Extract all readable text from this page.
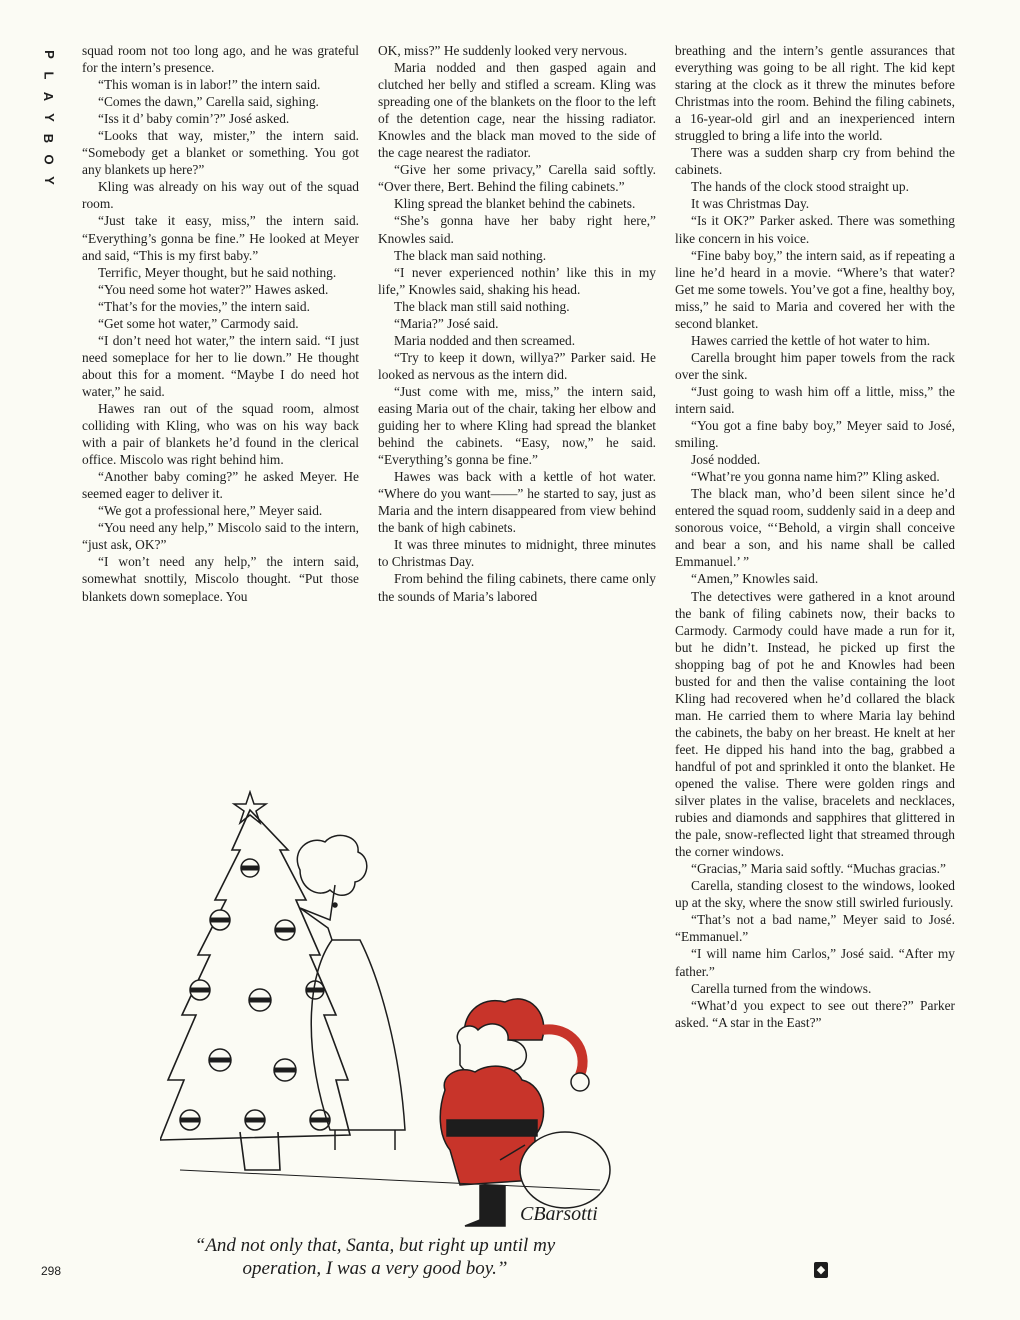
P
L
A
Y
B
O
Y

squad room not too long ago, and he was grateful for the intern’s presence.

“This woman is in labor!” the intern said.

“Comes the dawn,” Carella said, sighing.

“Iss it d’ baby comin’?” José asked.

“Looks that way, mister,” the intern said. “Somebody get a blanket or something. You got any blankets up here?”

Kling was already on his way out of the squad room.

“Just take it easy, miss,” the intern said. “Everything’s gonna be fine.” He looked at Meyer and said, “This is my first baby.”

Terrific, Meyer thought, but he said nothing.

“You need some hot water?” Hawes asked.

“That’s for the movies,” the intern said.

“Get some hot water,” Carmody said.

“I don’t need hot water,” the intern said. “I just need someplace for her to lie down.” He thought about this for a moment. “Maybe I do need hot water,” he said.

Hawes ran out of the squad room, almost colliding with Kling, who was on his way back with a pair of blankets he’d found in the clerical office. Miscolo was right behind him.

“Another baby coming?” he asked Meyer. He seemed eager to deliver it.

“We got a professional here,” Meyer said.

“You need any help,” Miscolo said to the intern, “just ask, OK?”

“I won’t need any help,” the intern said, somewhat snottily, Miscolo thought. “Put those blankets down someplace. You

OK, miss?” He suddenly looked very nervous.

Maria nodded and then gasped again and clutched her belly and stifled a scream. Kling was spreading one of the blankets on the floor to the left of the detention cage, near the hissing radiator. Knowles and the black man moved to the side of the cage nearest the radiator.

“Give her some privacy,” Carella said softly. “Over there, Bert. Behind the filing cabinets.”

Kling spread the blanket behind the cabinets.

“She’s gonna have her baby right here,” Knowles said.

The black man said nothing.

“I never experienced nothin’ like this in my life,” Knowles said, shaking his head.

The black man still said nothing.

“Maria?” José said.

Maria nodded and then screamed.

“Try to keep it down, willya?” Parker said. He looked as nervous as the intern did.

“Just come with me, miss,” the intern said, easing Maria out of the chair, taking her elbow and guiding her to where Kling had spread the blanket behind the cabinets. “Easy, now,” he said. “Everything’s gonna be fine.”

Hawes was back with a kettle of hot water. “Where do you want——” he started to say, just as Maria and the intern disappeared from view behind the bank of high cabinets.

It was three minutes to midnight, three minutes to Christmas Day.

From behind the filing cabinets, there came only the sounds of Maria’s labored

breathing and the intern’s gentle assurances that everything was going to be all right. The kid kept staring at the clock as it threw the minutes before Christmas into the room. Behind the filing cabinets, a 16-year-old girl and an inexperienced intern struggled to bring a life into the world.

There was a sudden sharp cry from behind the cabinets.

The hands of the clock stood straight up.

It was Christmas Day.

“Is it OK?” Parker asked. There was something like concern in his voice.

“Fine baby boy,” the intern said, as if repeating a line he’d heard in a movie. “Where’s that water? Get me some towels. You’ve got a fine, healthy boy, miss,” he said to Maria and covered her with the second blanket.

Hawes carried the kettle of hot water to him.

Carella brought him paper towels from the rack over the sink.

“Just going to wash him off a little, miss,” the intern said.

“You got a fine baby boy,” Meyer said to José, smiling.

José nodded.

“What’re you gonna name him?” Kling asked.

The black man, who’d been silent since he’d entered the squad room, suddenly said in a deep and sonorous voice, “‘Behold, a virgin shall conceive and bear a son, and his name shall be called Emmanuel.’ ”

“Amen,” Knowles said.

The detectives were gathered in a knot around the bank of filing cabinets now, their backs to Carmody. Carmody could have made a run for it, but he didn’t. Instead, he picked up first the shopping bag of pot he and Knowles had been busted for and then the valise containing the loot Kling had recovered when he’d collared the black man. He carried them to where Maria lay behind the cabinets, the baby on her breast. He knelt at her feet. He dipped his hand into the bag, grabbed a handful of pot and sprinkled it onto the blanket. He opened the valise. There were golden rings and silver plates in the valise, bracelets and necklaces, rubies and diamonds and sapphires that glittered in the pale, snow-reflected light that streamed through the corner windows.

“Gracias,” Maria said softly. “Muchas gracias.”

Carella, standing closest to the windows, looked up at the sky, where the snow still swirled furiously.

“That’s not a bad name,” Meyer said to José. “Emmanuel.”

“I will name him Carlos,” José said. “After my father.”

Carella turned from the windows.

“What’d you expect to see out there?” Parker asked. “A star in the East?”

CBarsotti
“And not only that, Santa, but right up until my
operation, I was a very good boy.”
298	◆
